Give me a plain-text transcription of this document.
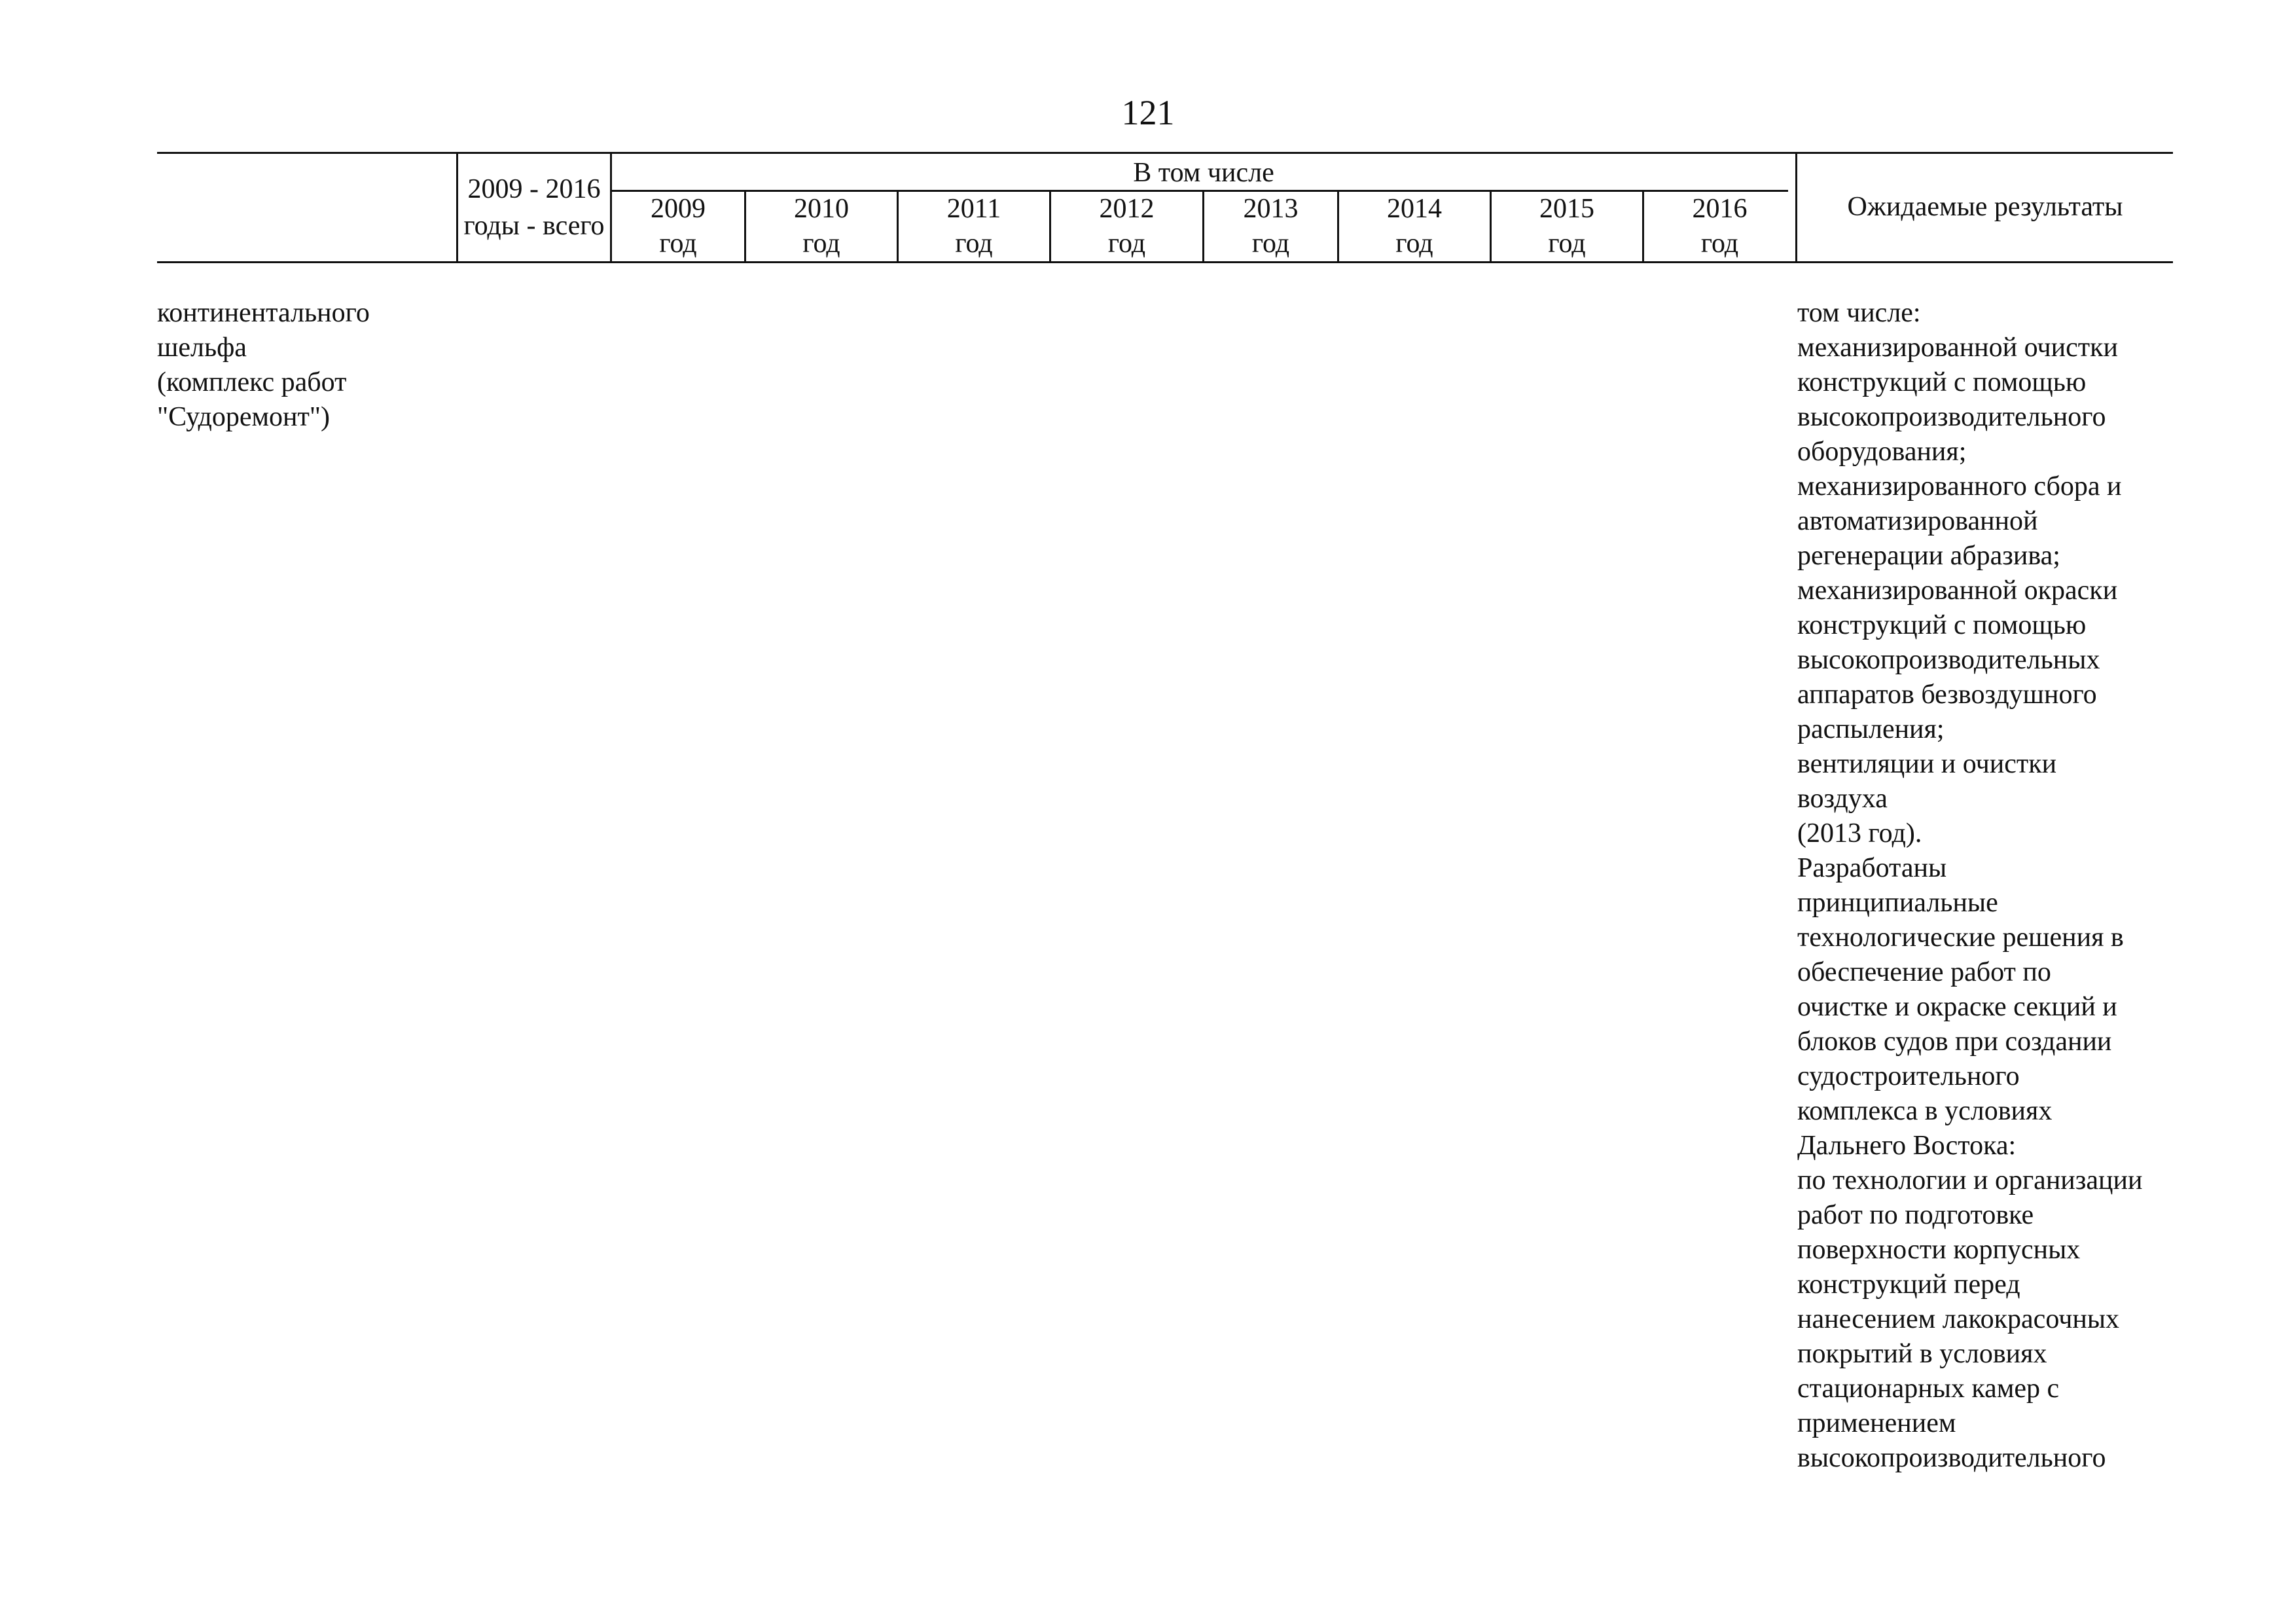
121
2009 - 2016
годы - всего
В том числе
2009
год
2010
год
2011
год
2012
год
2013
год
2014
год
2015
год
2016
год
Ожидаемые результаты
континентального
шельфа
(комплекс работ
"Судоремонт")
том числе:
механизированной очистки
конструкций с помощью
высокопроизводительного
оборудования;
механизированного сбора и
автоматизированной
регенерации абразива;
механизированной окраски
конструкций с помощью
высокопроизводительных
аппаратов безвоздушного
распыления;
вентиляции и очистки
воздуха
(2013 год).
Разработаны
принципиальные
технологические решения в
обеспечение работ по
очистке и окраске секций и
блоков судов при создании
судостроительного
комплекса в условиях
Дальнего Востока:
по технологии и организации
работ по подготовке
поверхности корпусных
конструкций перед
нанесением лакокрасочных
покрытий в условиях
стационарных камер с
применением
высокопроизводительного
